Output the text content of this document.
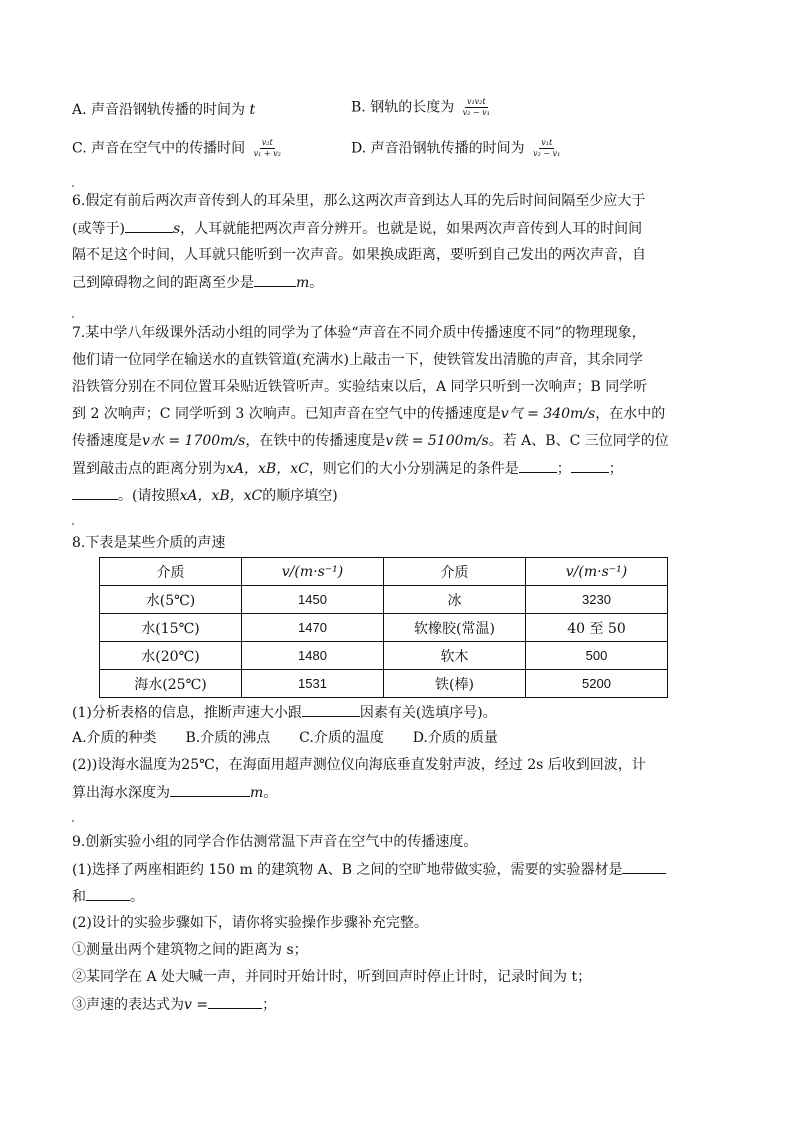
A. 声音沿钢轨传播的时间为 t	B. 钢轨的长度为 $\frac{\text{v₁v₂t}}{\text{v₂ − v₁}}$
C. 声音在空气中的传播时间 $\frac{\text{v₂t}}{\text{v₁ + v₂}}$	D. 声音沿钢轨传播的时间为 $\frac{\text{v₁t}}{\text{v₂ − v₁}}$
6.假定有前后两次声音传到人的耳朵里，那么这两次声音到达人耳的先后时间间隔至少应大于
(或等于)	s，人耳就能把两次声音分辨开。也就是说，如果两次声音传到人耳的时间间
隔不足这个时间，人耳就只能听到一次声音。如果换成距离，要听到自己发出的两次声音，自
己到障碍物之间的距离至少是	m。
7.某中学八年级课外活动小组的同学为了体验“声音在不同介质中传播速度不同”的物理现象，
他们请一位同学在输送水的直铁管道(充满水)上敲击一下，使铁管发出清脆的声音，其余同学
沿铁管分别在不同位置耳朵贴近铁管听声。实验结束以后，A 同学只听到一次响声；B 同学听
到 2 次响声；C 同学听到 3 次响声。已知声音在空气中的传播速度是v气 = 340m/s，在水中的
传播速度是v水 = 1700m/s，在铁中的传播速度是v铁 = 5100m/s。若 A、B、C 三位同学的位
置到敲击点的距离分别为xA，xB，xC，则它们的大小分别满足的条件是	；	；
。(请按照xA，xB，xC的顺序填空)
8.下表是某些介质的声速
介质	v/(m·s⁻¹)	介质	v/(m·s⁻¹)
水(5℃)	1450	冰	3230
水(15℃)	1470	软橡胶(常温)	40 至 50
水(20℃)	1480	软木	500
海水(25℃)	1531	铁(棒)	5200
(1)分析表格的信息，推断声速大小跟	因素有关(选填序号)。
A.介质的种类 B.介质的沸点 C.介质的温度 D.介质的质量
(2))设海水温度为25℃，在海面用超声测位仪向海底垂直发射声波，经过 2s 后收到回波，计
算出海水深度为	m。
9.创新实验小组的同学合作估测常温下声音在空气中的传播速度。
(1)选择了两座相距约 150 m 的建筑物 A、B 之间的空旷地带做实验，需要的实验器材是
和	。
(2)设计的实验步骤如下，请你将实验操作步骤补充完整。
①测量出两个建筑物之间的距离为 s；
②某同学在 A 处大喊一声，并同时开始计时，听到回声时停止计时，记录时间为 t；
③声速的表达式为v =	；
